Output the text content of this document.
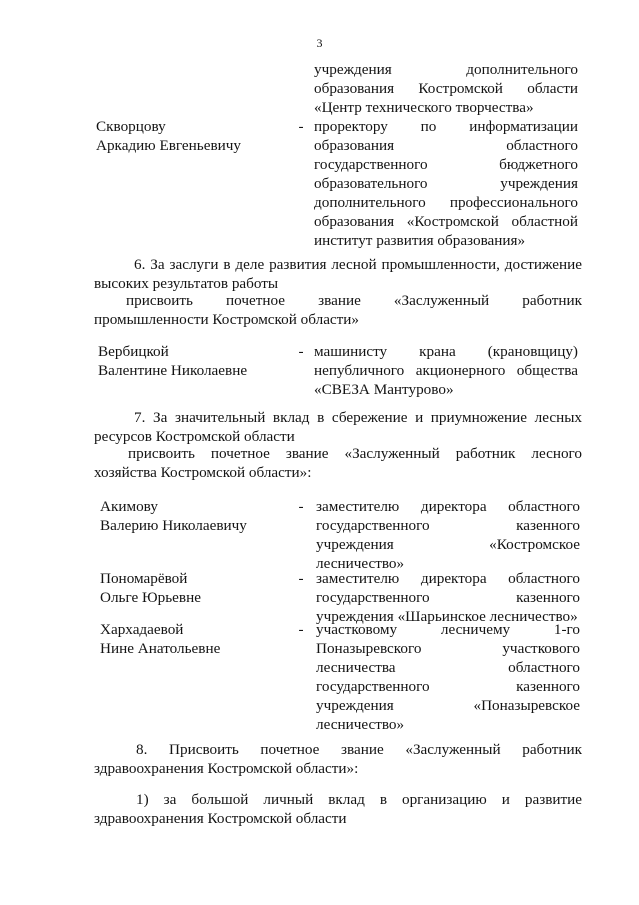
3
учреждения дополнительного
образования Костромской области
«Центр технического творчества»
Скворцову
Аркадию Евгеньевичу
- проректору по информатизации
образования областного
государственного бюджетного
образовательного учреждения
дополнительного профессионального
образования «Костромской областной
институт развития образования»
6. За заслуги в деле развития лесной промышленности, достижение
высоких результатов работы
присвоить почетное звание «Заслуженный работник
промышленности Костромской области»
Вербицкой
Валентине Николаевне
- машинисту крана (крановщицу)
непубличного акционерного общества
«СВЕЗА Мантурово»
7. За значительный вклад в сбережение и приумножение лесных
ресурсов Костромской области
присвоить почетное звание «Заслуженный работник лесного
хозяйства Костромской области»:
Акимову
Валерию Николаевичу
- заместителю директора областного
государственного казенного
учреждения «Костромское
лесничество»
Пономарёвой
Ольге Юрьевне
- заместителю директора областного
государственного казенного
учреждения «Шарьинское лесничество»
Хархадаевой
Нине Анатольевне
- участковому лесничему 1-го
Поназыревского участкового
лесничества областного
государственного казенного
учреждения «Поназыревское
лесничество»
8. Присвоить почетное звание «Заслуженный работник
здравоохранения Костромской области»:
1) за большой личный вклад в организацию и развитие
здравоохранения Костромской области
